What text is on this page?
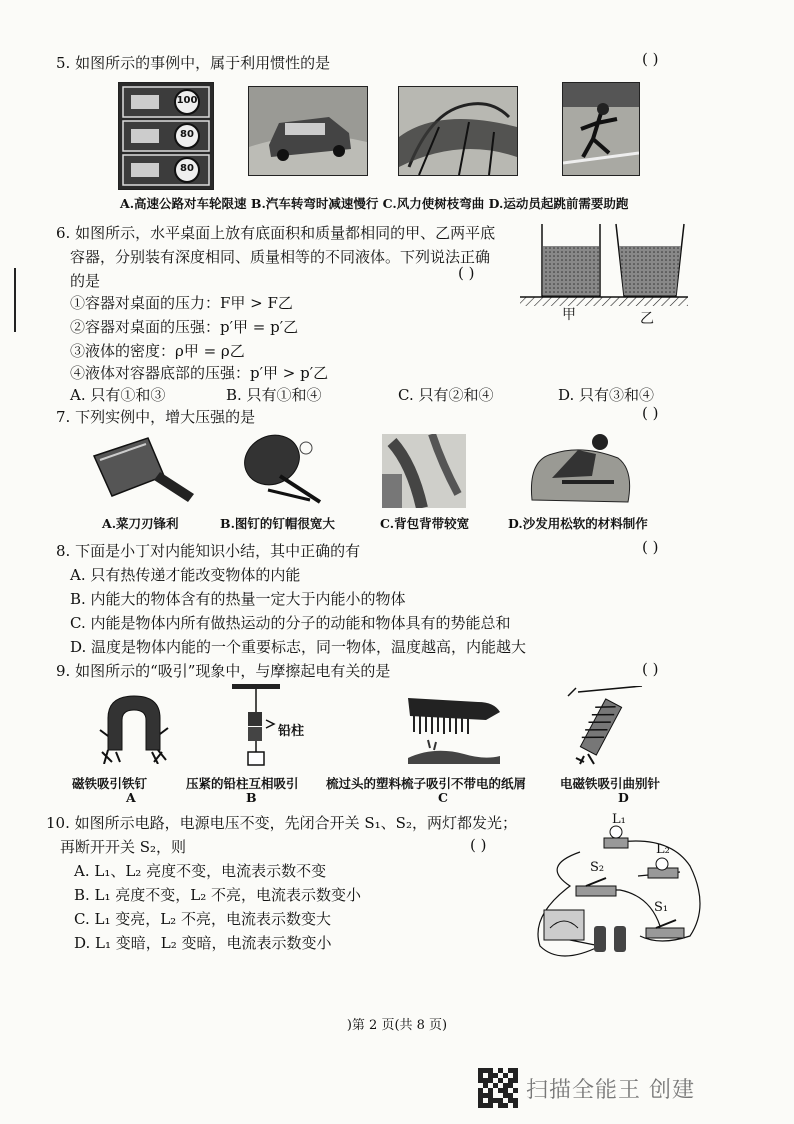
5. 如图所示的事例中，属于利用惯性的是	( )
100
80
80
A.高速公路对车轮限速 B.汽车转弯时减速慢行 C.风力使树枝弯曲 D.运动员起跳前需要助跑
6. 如图所示，水平桌面上放有底面积和质量都相同的甲、乙两平底
容器，分别装有深度相同、质量相等的不同液体。下列说法正确
的是	( )
①容器对桌面的压力：F甲 > F乙
②容器对桌面的压强：p′甲 = p′乙
③液体的密度：ρ甲 = ρ乙
④液体对容器底部的压强：p′甲 > p′乙
A. 只有①和③	B. 只有①和④	C. 只有②和④	D. 只有③和④
甲	乙
7. 下列实例中，增大压强的是	( )
A.菜刀刃锋利	B.图钉的钉帽很宽大	C.背包背带较宽	D.沙发用松软的材料制作
8. 下面是小丁对内能知识小结，其中正确的有	( )
A. 只有热传递才能改变物体的内能
B. 内能大的物体含有的热量一定大于内能小的物体
C. 内能是物体内所有做热运动的分子的动能和物体具有的势能总和
D. 温度是物体内能的一个重要标志，同一物体，温度越高，内能越大
9. 如图所示的“吸引”现象中，与摩擦起电有关的是	( )
铅柱
磁铁吸引铁钉	压紧的铅柱互相吸引 梳过头的塑料梳子吸引不带电的纸屑	电磁铁吸引曲别针
A	B	C	D
10. 如图所示电路，电源电压不变，先闭合开关 S₁、S₂，两灯都发光；
再断开开关 S₂，则	( )
A. L₁、L₂ 亮度不变，电流表示数不变
B. L₁ 亮度不变，L₂ 不亮，电流表示数变小
C. L₁ 变亮，L₂ 不亮，电流表示数变大
D. L₁ 变暗，L₂ 变暗，电流表示数变小
L₁
L₂
S₂
S₁
)第 2 页(共 8 页)
扫描全能王 创建
